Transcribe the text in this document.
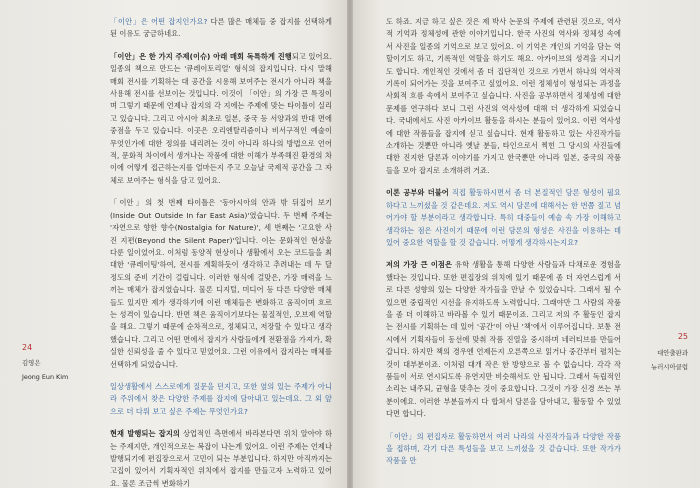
「이안」은 어떤 잡지인가요? 다른 많은 매체들 중 잡지를 선택하게 된 이유도 궁금하네요.

「이안」은 한 가지 주제(이슈) 아래 매회 독특하게 진행되고 있어요. 일종의 책으로 만드는 '큐레이토리얼' 형식의 잡지입니다. 다시 말해 매회 전시를 기획하는 대 공간을 시용해 보여주는 전시가 아니라 책을 사용해 전시를 선보이는 것입니다. 이것이 「이안」의 가장 큰 특징이며 그렇기 때문에 언제나 잡지의 각 지에는 주제에 맞는 타이틀이 실리고 있습니다. 그리고 아시아 최초로 일본, 중국 등 서양과의 반대 면에 중점을 두고 있습니다. 이곳은 오리엔탈리즘이나 비서구적인 예술이 무엇인가에 대한 정의를 내리려는 것이 아니라 하나의 방법으로 언어적, 문화적 차이에서 생겨나는 작품에 대한 이해가 부족해진 환경의 차이에 어떻게 접근하는지를 얼마든지 주고 오늘날 국제적 공간을 그 자체로 보여주는 형식을 담고 있어요.

「이안」의 첫 번째 타이틀은 '동아시아의 안과 밖 뒤집어 보기(Inside Out Outside In far East Asia)'였습니다. 두 번째 주제는 '자연으로 향한 향수(Nostalgia for Nature)', 세 번째는 '고요한 사진 지편(Beyond the Silent Paper)'입니다. 이는 문화적인 현상을 다룬 일이었어요. 이처럼 동양적 현상이나 생활에서 오는 코드들을 최대한 '큐레이팅'하여, 전시를 계획하듯이 생각하고 추려내는 데 두 달 정도의 준비 기간이 걸립니다. 이러한 형식에 걸맞은, 가장 매력을 느끼는 매체가 잡지였습니다. 물론 디지털, 미디어 등 다른 다양한 매체들도 있지만 제가 생각하기에 이런 매체들은 변화하고 움직이며 흐르는 성격이 있습니다. 반면 책은 움직이기보다는 물질적인, 오브제 역할을 해요. 그렇기 때문에 순차적으로, 정체되고, 저장할 수 있다고 생각했습니다. 그리고 어떤 면에서 잡지가 사람들에게 전환점을 가져가, 확실한 신뢰성을 줄 수 있다고 믿었어요. 그런 이유에서 잡지라는 매체를 선택하게 되었습니다.

일상생활에서 스스로에게 질문을 던지고, 또한 옆의 있는 주제가 아니라 주위에서 찾은 다양한 주제를 잡지에 담아내고 있는데요. 그 외 앞으로 더 다뤄 보고 싶은 주제는 무엇인가요?

현재 발행되는 잡지의 상업적인 측면에서 바라본다면 위치 알아야 하는 주제지만, 개인적으로는 복잡이 나는게 있어요. 이런 주제는 언제나 발행되기에 편집장으로서 고민이 되는 부분입니다. 하지만 아직까지는 고집이 있어서 기획자적인 위치에서 잡지를 만들고자 노력하고 있어요. 물론 조금씩 변화하기

24
김영은
Jeong Eun Kim

도 하죠. 지금 하고 싶은 것은 제 박사 논문의 주제에 관련된 것으로, 역사적 기억과 정체성에 관한 이야기입니다. 한국 사진의 역사와 정체성 속에서 사진을 일종의 기억으로 보고 있어요. 이 기억은 개인의 기억을 담는 역할이기도 하고, 기록적인 역할을 하기도 해요. 아카이브의 성격을 지니기도 합니다. 개인적인 것에서 좀 더 집단적인 것으로 가면서 하나의 역사적 기록이 되어가는 것을 보여주고 싶었어요. 이런 정체성이 형성되는 과정을 사회적 흐름 속에서 보여주고 싶습니다. 사진을 공부하면서 정체성에 대한 문제를 연구하다 보니 그런 사진의 역사성에 대해 더 생각하게 되었습니다. 국내에서도 사진 아카이브 활동을 하시는 분들이 있어요. 이런 역사성에 대한 작품들을 잡지에 싣고 싶습니다. 현재 활동하고 있는 사진작가들 소개하는 것뿐만 아니라 옛날 분들, 타인으로서 찍힌 그 당시의 사진들에 대한 진지한 담론과 이야기를 가지고 한국뿐만 아니라 일본, 중국의 작품들을 모아 잡지로 소개하려 거죠.

이론 공부와 더불어 직접 활동하시면서 좀 더 본질적인 담론 형성이 필요하다고 느끼셨을 것 같은데요. 저도 역시 담론에 대해서는 한 번쯤 짚고 넘어가야 할 부분이라고 생각합니다. 특히 대중들이 예술 속 가장 이해하고 생각하는 점은 사진이기 때문에 이런 담론의 형성은 사진을 이용하는 데 있어 중요한 역할을 할 것 같습니다. 어떻게 생각하시는지요?

저의 가장 큰 이점은 유학 생활을 통해 다양한 사람들과 다채로운 경험을 했다는 것입니다. 또한 편집장의 위치에 있기 때문에 좀 더 자연스럽게 서로 다른 성향의 있는 다양한 작가들을 만날 수 있었습니다. 그래서 될 수 있으면 중립적인 시선을 유지하도록 노력합니다. 그래야만 그 사람의 작품을 좀 더 이해하고 바라볼 수 있기 때문이죠. 그리고 저의 주 활동인 잡지는 전시를 기획하는 데 있어 '공간'이 아닌 '책'에서 이루어집니다. 보통 전시에서 기획자들이 동선에 맞춰 작품 진열을 중시하며 네러티브를 만들어갑니다. 하지만 책의 경우엔 언제든지 오른쪽으로 읽거나 중간부터 펼치는 것이 대부분이죠. 이처럼 대개 작은 한 방향으로 볼 수 없습니다. 각각 작품들이 서로 연시되도록 유연지만 비슷해서도 안 됩니다. 그래서 독립적인 소리는 내주되, 균형을 맞추는 것이 중요합니다. 그것이 가장 신경 쓰는 부분이에요. 이러한 부분들까지 다 합쳐서 담론을 담아내고, 활동할 수 있었다면 합니다.

「이안」의 편집자로 활동하면서 여러 나라의 사진작가들과 다양한 작품을 접하며, 각기 다른 특성들을 보고 느끼셨을 것 같습니다. 또한 작가가 작품을 만

25
대안출판과
뉴러시아클럽
